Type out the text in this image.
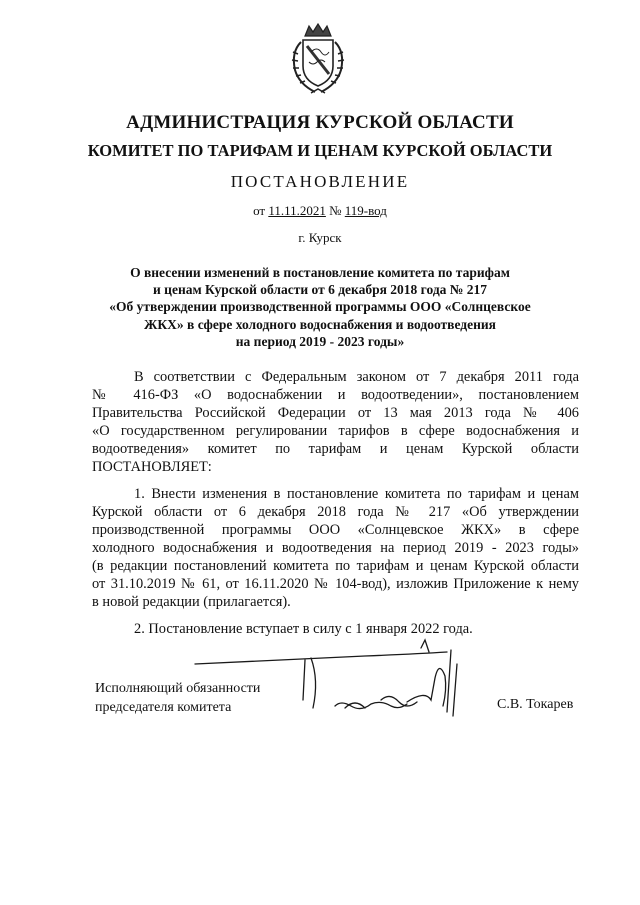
АДМИНИСТРАЦИЯ КУРСКОЙ ОБЛАСТИ
КОМИТЕТ ПО ТАРИФАМ И ЦЕНАМ КУРСКОЙ ОБЛАСТИ
ПОСТАНОВЛЕНИЕ
от 11.11.2021 № 119-вод
г. Курск
О внесении изменений в постановление комитета по тарифам
и ценам Курской области от 6 декабря 2018 года № 217
«Об утверждении производственной программы ООО «Солнцевское
ЖКХ» в сфере холодного водоснабжения и водоотведения
на период 2019 - 2023 годы»
В соответствии с Федеральным законом от 7 декабря 2011 года
№ 416-ФЗ «О водоснабжении и водоотведении», постановлением
Правительства Российской Федерации от 13 мая 2013 года № 406
«О государственном регулировании тарифов в сфере водоснабжения и
водоотведения» комитет по тарифам и ценам Курской области
ПОСТАНОВЛЯЕТ:
1. Внести изменения в постановление комитета по тарифам и ценам
Курской области от 6 декабря 2018 года № 217 «Об утверждении
производственной программы ООО «Солнцевское ЖКХ» в сфере
холодного водоснабжения и водоотведения на период 2019 - 2023 годы»
(в редакции постановлений комитета по тарифам и ценам Курской области
от 31.10.2019 № 61, от 16.11.2020 № 104-вод), изложив Приложение к нему
в новой редакции (прилагается).
2. Постановление вступает в силу с 1 января 2022 года.
Исполняющий обязанности
председателя комитета	С.В. Токарев
